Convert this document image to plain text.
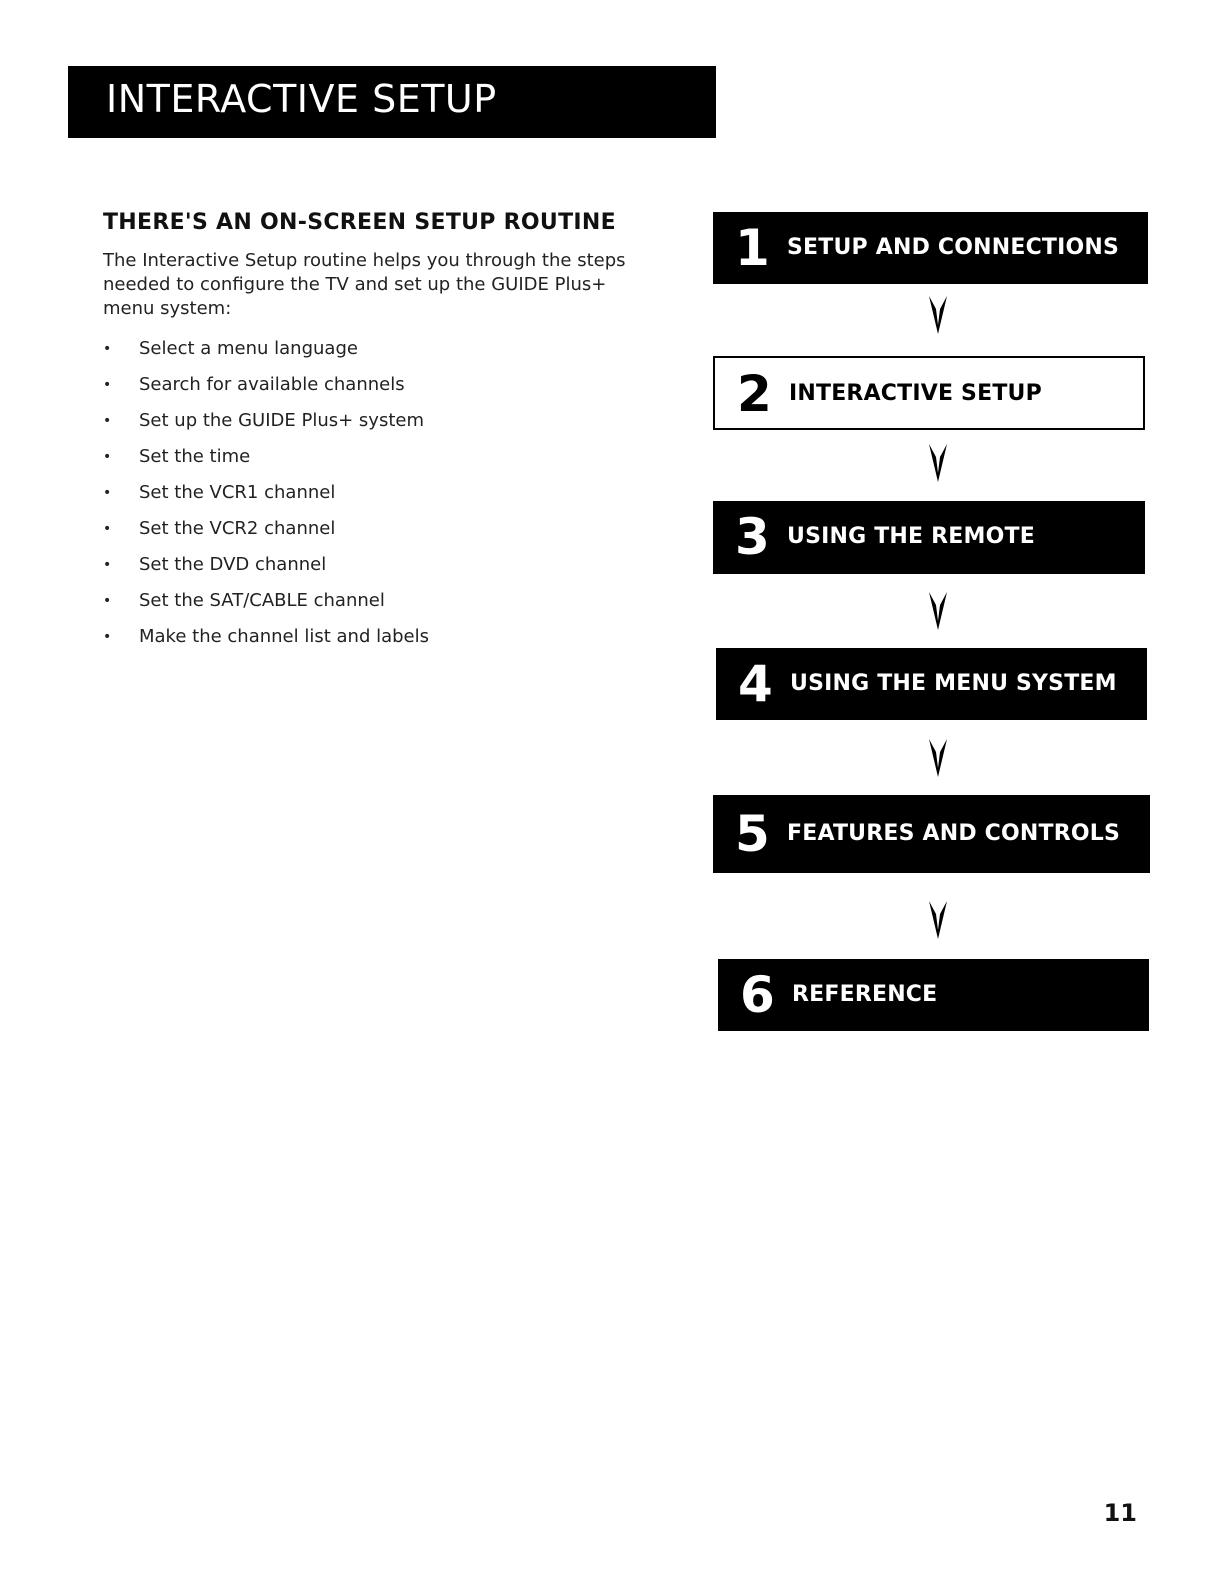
INTERACTIVE SETUP
THERE'S AN ON-SCREEN SETUP ROUTINE

The Interactive Setup routine helps you through the steps needed to configure the TV and set up the GUIDE Plus+ menu system:

• Select a menu language
• Search for available channels
• Set up the GUIDE Plus+ system
• Set the time
• Set the VCR1 channel
• Set the VCR2 channel
• Set the DVD channel
• Set the SAT/CABLE channel
• Make the channel list and labels
1 SETUP AND CONNECTIONS
2 INTERACTIVE SETUP
3 USING THE REMOTE
4 USING THE MENU SYSTEM
5 FEATURES AND CONTROLS
6 REFERENCE
11
